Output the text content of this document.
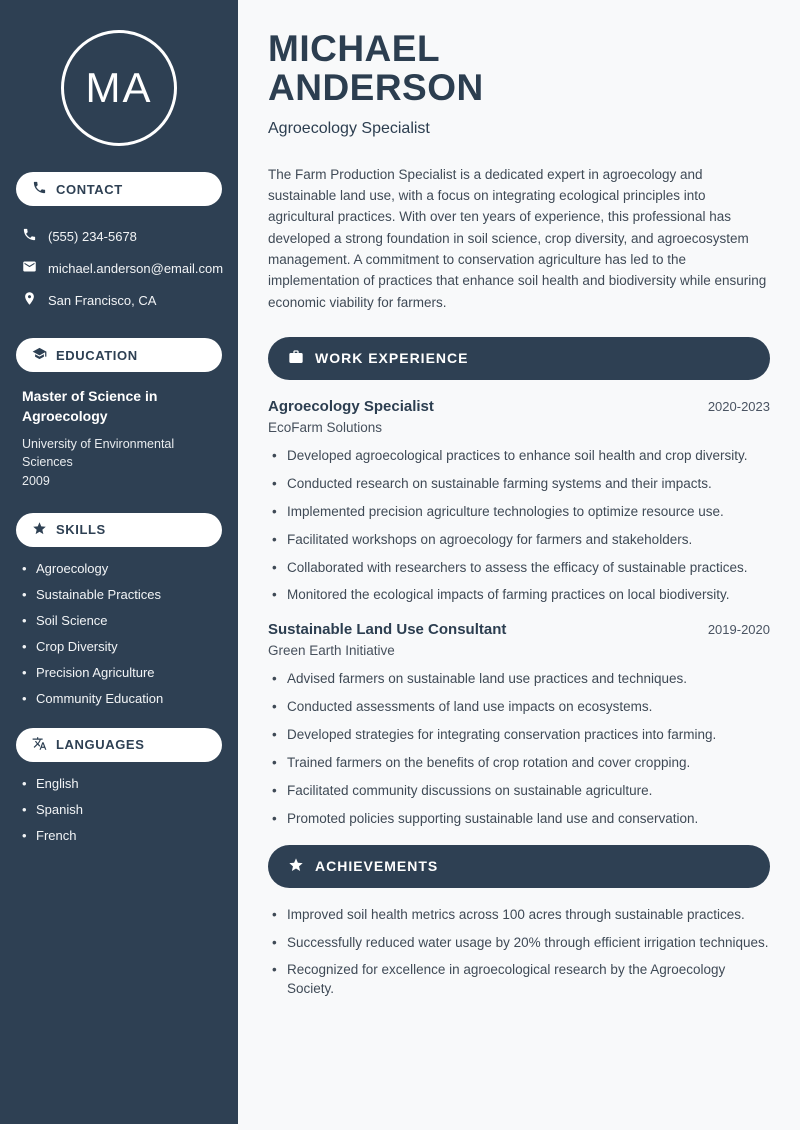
MA
CONTACT
(555) 234-5678
michael.anderson@email.com
San Francisco, CA
EDUCATION
Master of Science in Agroecology
University of Environmental Sciences
2009
SKILLS
• Agroecology
• Sustainable Practices
• Soil Science
• Crop Diversity
• Precision Agriculture
• Community Education
LANGUAGES
• English
• Spanish
• French
MICHAEL
ANDERSON
Agroecology Specialist

The Farm Production Specialist is a dedicated expert in agroecology and sustainable land use, with a focus on integrating ecological principles into agricultural practices. With over ten years of experience, this professional has developed a strong foundation in soil science, crop diversity, and agroecosystem management. A commitment to conservation agriculture has led to the implementation of practices that enhance soil health and biodiversity while ensuring economic viability for farmers.

WORK EXPERIENCE
Agroecology Specialist	2020-2023
EcoFarm Solutions
• Developed agroecological practices to enhance soil health and crop diversity.
• Conducted research on sustainable farming systems and their impacts.
• Implemented precision agriculture technologies to optimize resource use.
• Facilitated workshops on agroecology for farmers and stakeholders.
• Collaborated with researchers to assess the efficacy of sustainable practices.
• Monitored the ecological impacts of farming practices on local biodiversity.
Sustainable Land Use Consultant	2019-2020
Green Earth Initiative
• Advised farmers on sustainable land use practices and techniques.
• Conducted assessments of land use impacts on ecosystems.
• Developed strategies for integrating conservation practices into farming.
• Trained farmers on the benefits of crop rotation and cover cropping.
• Facilitated community discussions on sustainable agriculture.
• Promoted policies supporting sustainable land use and conservation.
ACHIEVEMENTS
• Improved soil health metrics across 100 acres through sustainable practices.
• Successfully reduced water usage by 20% through efficient irrigation techniques.
• Recognized for excellence in agroecological research by the Agroecology Society.
